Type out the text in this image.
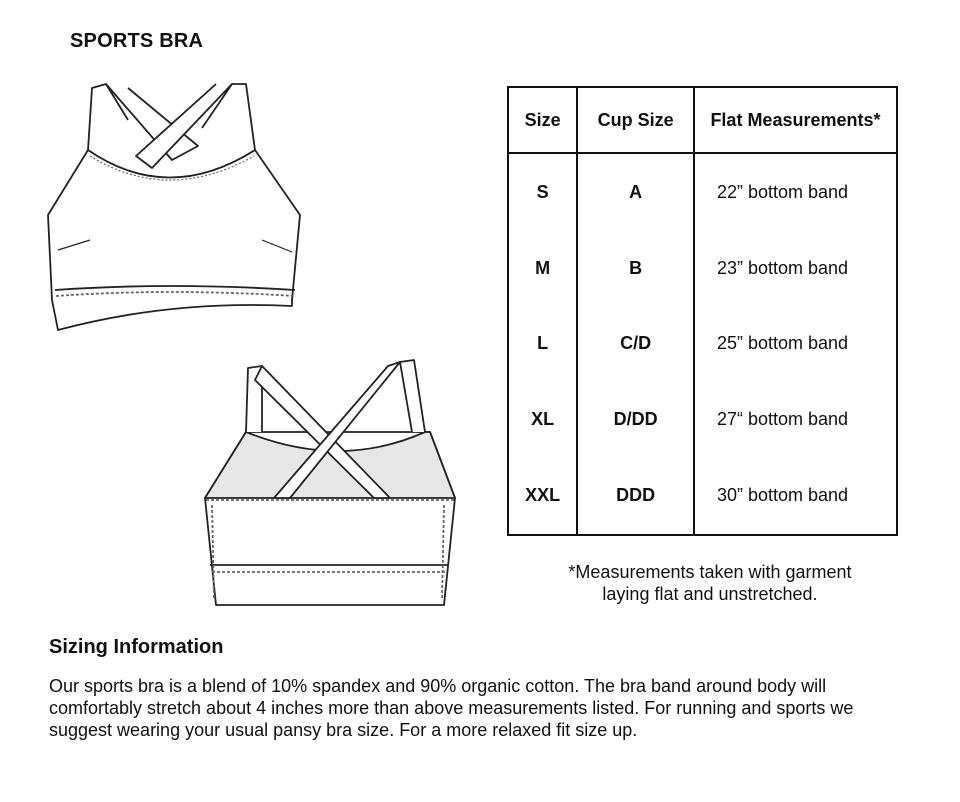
SPORTS BRA
Size	Cup Size	Flat Measurements*
S	A	22” bottom band
M	B	23” bottom band
L	C/D	25” bottom band
XL	D/DD	27“ bottom band
XXL	DDD	30” bottom band
*Measurements taken with garment
laying flat and unstretched.
Sizing Information
Our sports bra is a blend of 10% spandex and 90% organic cotton. The bra band around body will
comfortably stretch about 4 inches more than above measurements listed. For running and sports we
suggest wearing your usual pansy bra size. For a more relaxed fit size up.
